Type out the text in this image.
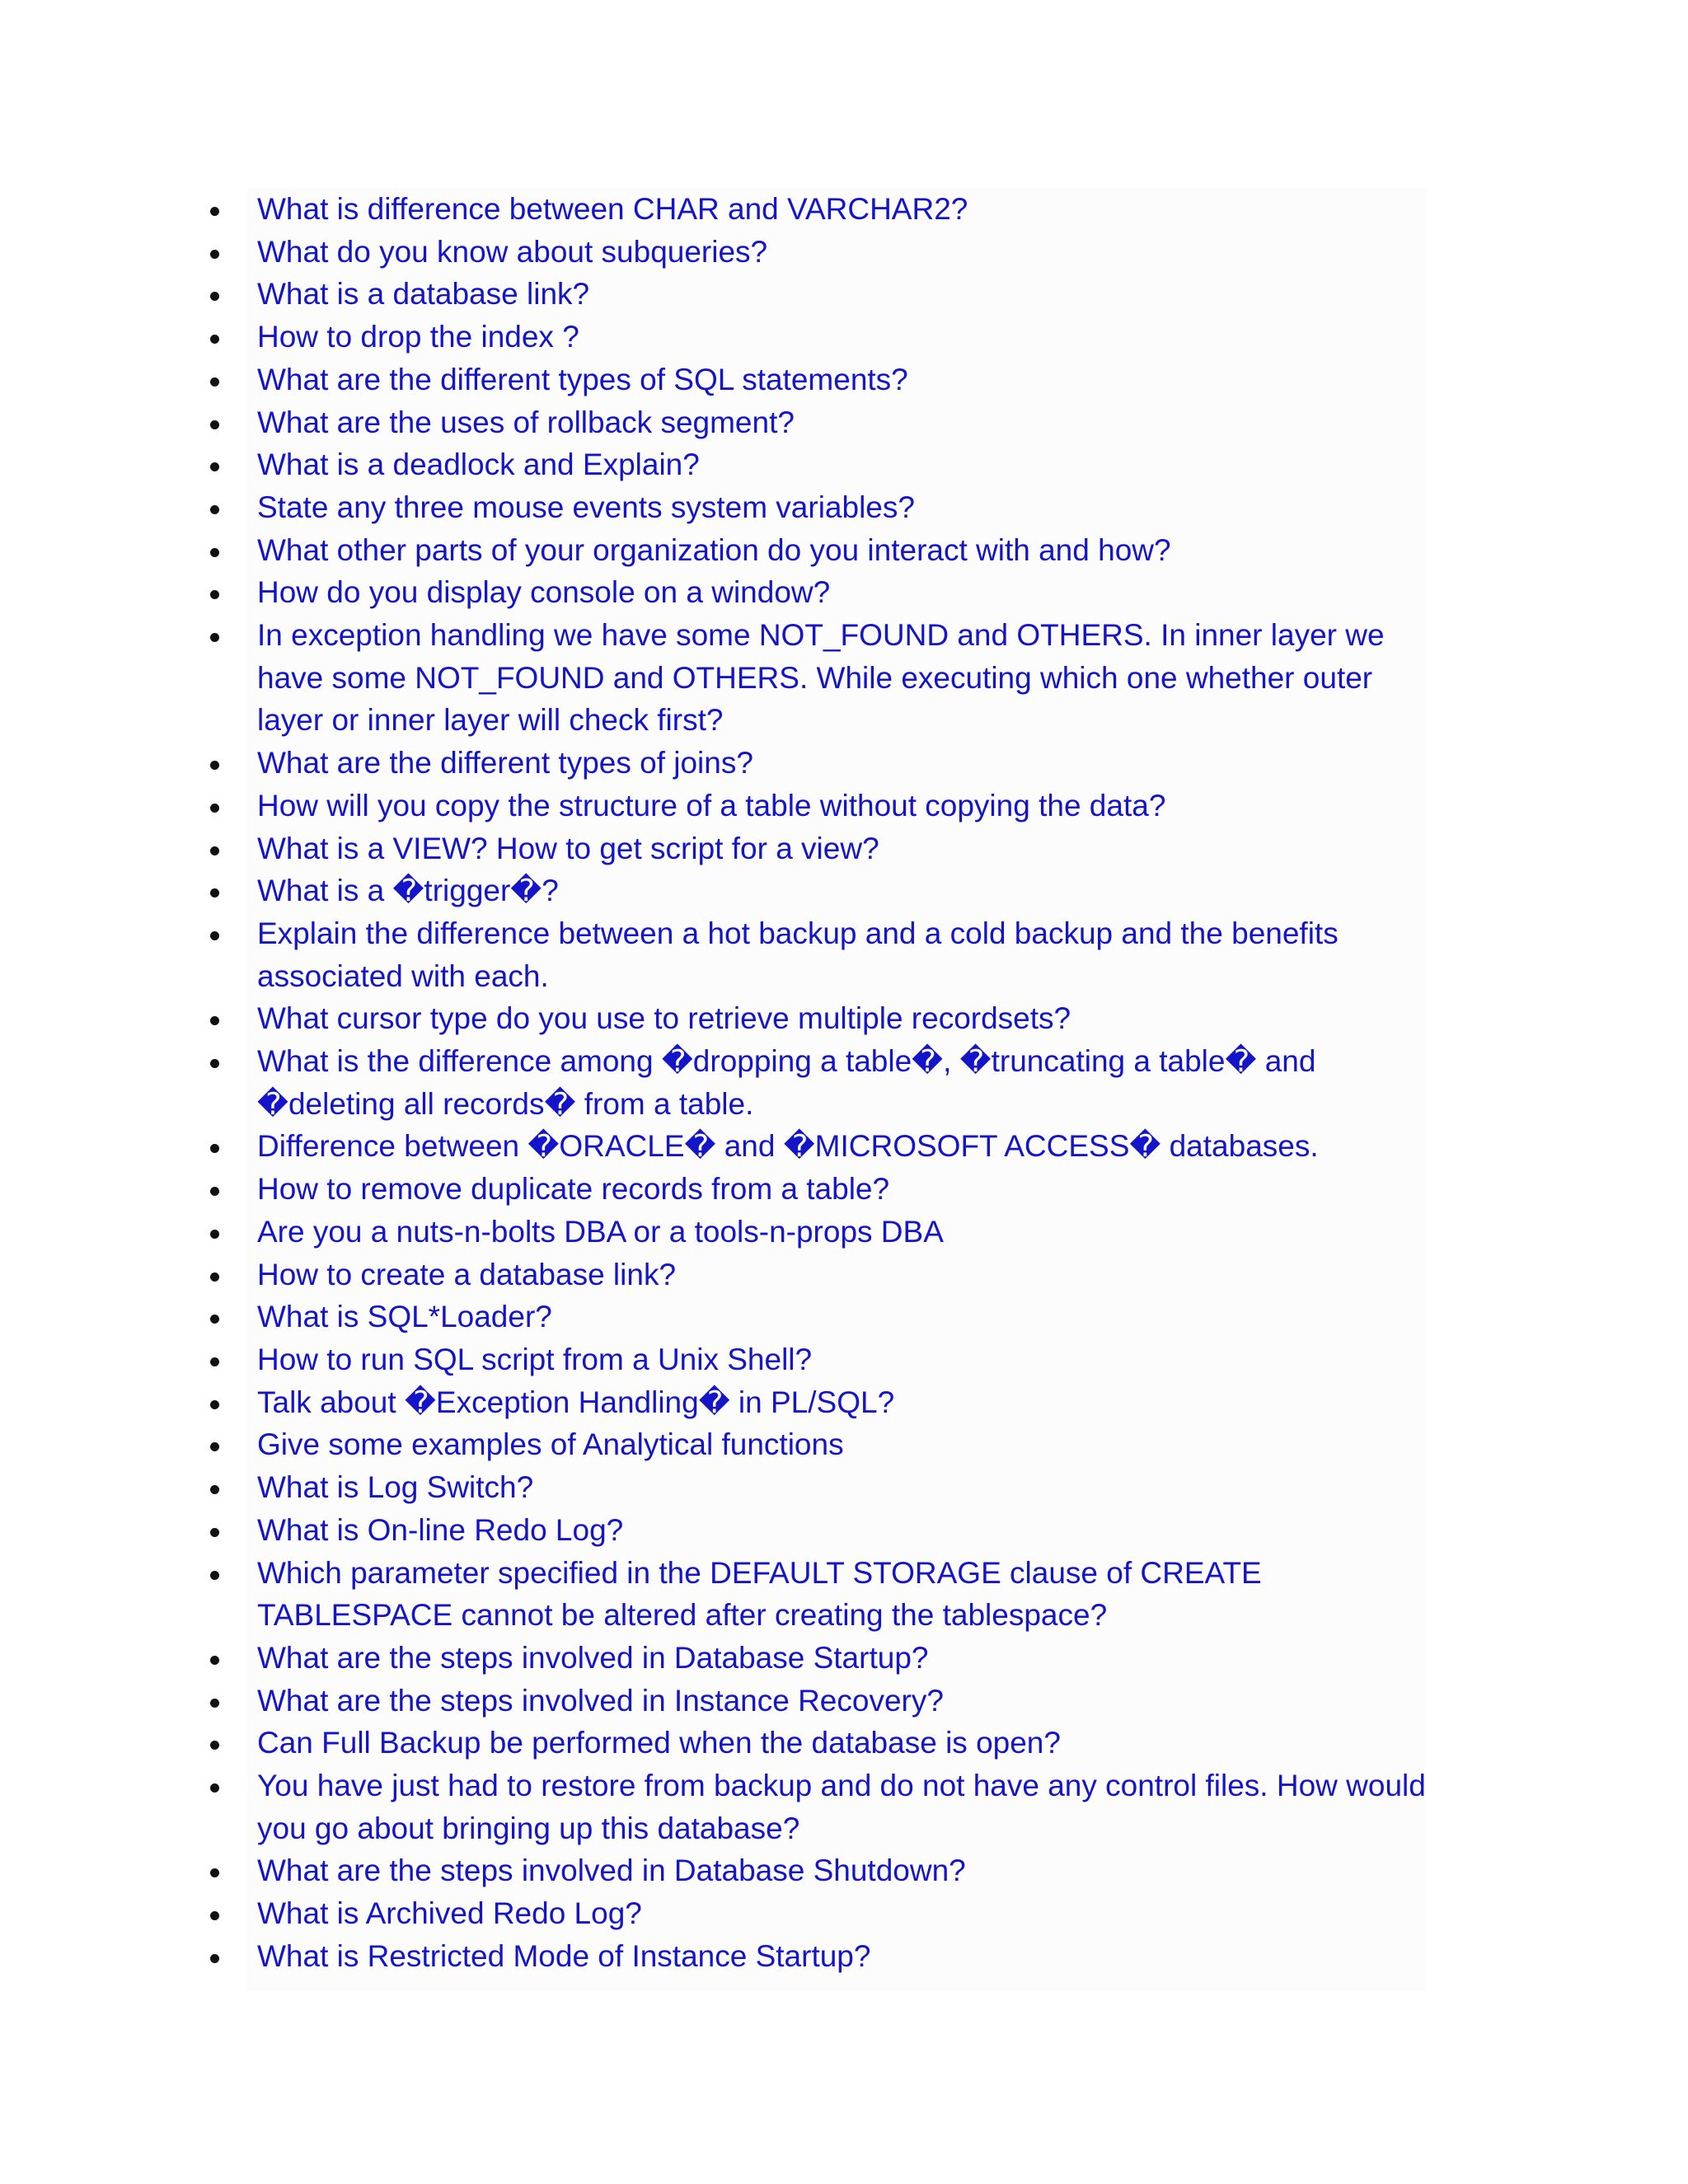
What is difference between CHAR and VARCHAR2?
What do you know about subqueries?
What is a database link?
How to drop the index ?
What are the different types of SQL statements?
What are the uses of rollback segment?
What is a deadlock and Explain?
State any three mouse events system variables?
What other parts of your organization do you interact with and how?
How do you display console on a window?
In exception handling we have some NOT_FOUND and OTHERS. In inner layer we have some NOT_FOUND and OTHERS. While executing which one whether outer layer or inner layer will check first?
What are the different types of joins?
How will you copy the structure of a table without copying the data?
What is a VIEW? How to get script for a view?
What is a �trigger�?
Explain the difference between a hot backup and a cold backup and the benefits associated with each.
What cursor type do you use to retrieve multiple recordsets?
What is the difference among �dropping a table�, �truncating a table� and �deleting all records� from a table.
Difference between �ORACLE� and �MICROSOFT ACCESS� databases.
How to remove duplicate records from a table?
Are you a nuts-n-bolts DBA or a tools-n-props DBA
How to create a database link?
What is SQL*Loader?
How to run SQL script from a Unix Shell?
Talk about �Exception Handling� in PL/SQL?
Give some examples of Analytical functions
What is Log Switch?
What is On-line Redo Log?
Which parameter specified in the DEFAULT STORAGE clause of CREATE TABLESPACE cannot be altered after creating the tablespace?
What are the steps involved in Database Startup?
What are the steps involved in Instance Recovery?
Can Full Backup be performed when the database is open?
You have just had to restore from backup and do not have any control files. How would you go about bringing up this database?
What are the steps involved in Database Shutdown?
What is Archived Redo Log?
What is Restricted Mode of Instance Startup?
